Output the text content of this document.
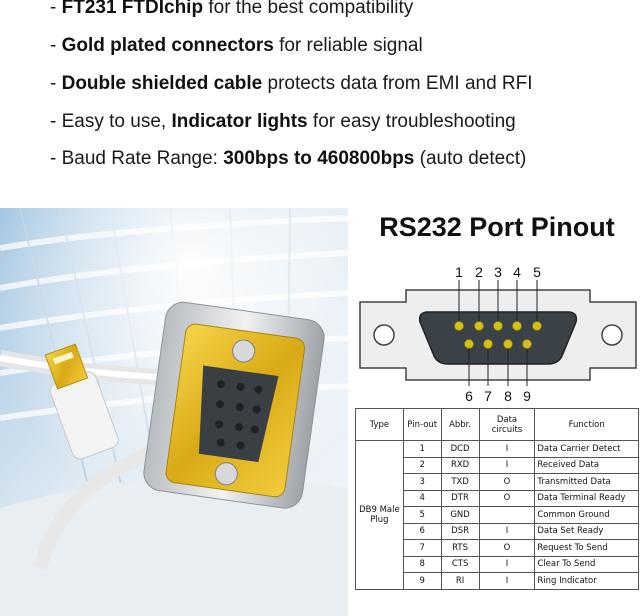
- FT231 FTDIchip for the best compatibility
- Gold plated connectors for reliable signal
- Double shielded cable protects data from EMI and RFI
- Easy to use, Indicator lights for easy troubleshooting
- Baud Rate Range: 300bps to 460800bps (auto detect)
RS232 Port Pinout
1 2 3 4 5
6 7 8 9
Type	Pin-out	Abbr.	Data circuits	Function
DB9 Male Plug	1	DCD	I	Data Carrier Detect
	2	RXD	I	Received Data
	3	TXD	O	Transmitted Data
	4	DTR	O	Data Terminal Ready
	5	GND		Common Ground
	6	DSR	I	Data Set Ready
	7	RTS	O	Request To Send
	8	CTS	I	Clear To Send
	9	RI	I	Ring Indicator
